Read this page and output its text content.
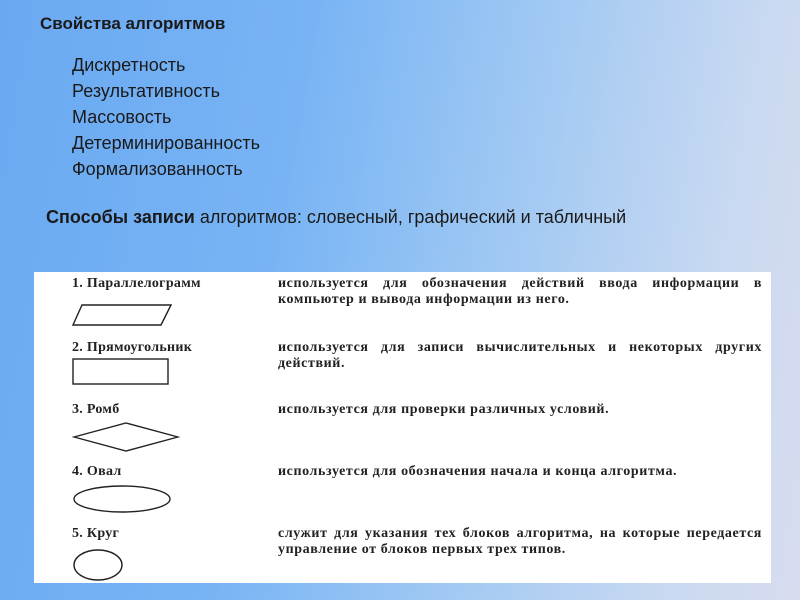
Свойства алгоритмов
Дискретность
Результативность
Массовость
Детерминированность
Формализованность
Способы записи алгоритмов: словесный, графический и табличный
1. Параллелограмм	используется для обозначения действий ввода информации в компьютер и вывода информации из него.
2. Прямоугольник	используется для записи вычислительных и некоторых других действий.
3. Ромб	используется для проверки различных условий.
4. Овал	используется для обозначения начала и конца алгоритма.
5. Круг	служит для указания тех блоков алгоритма, на которые передается управление от блоков первых трех типов.
